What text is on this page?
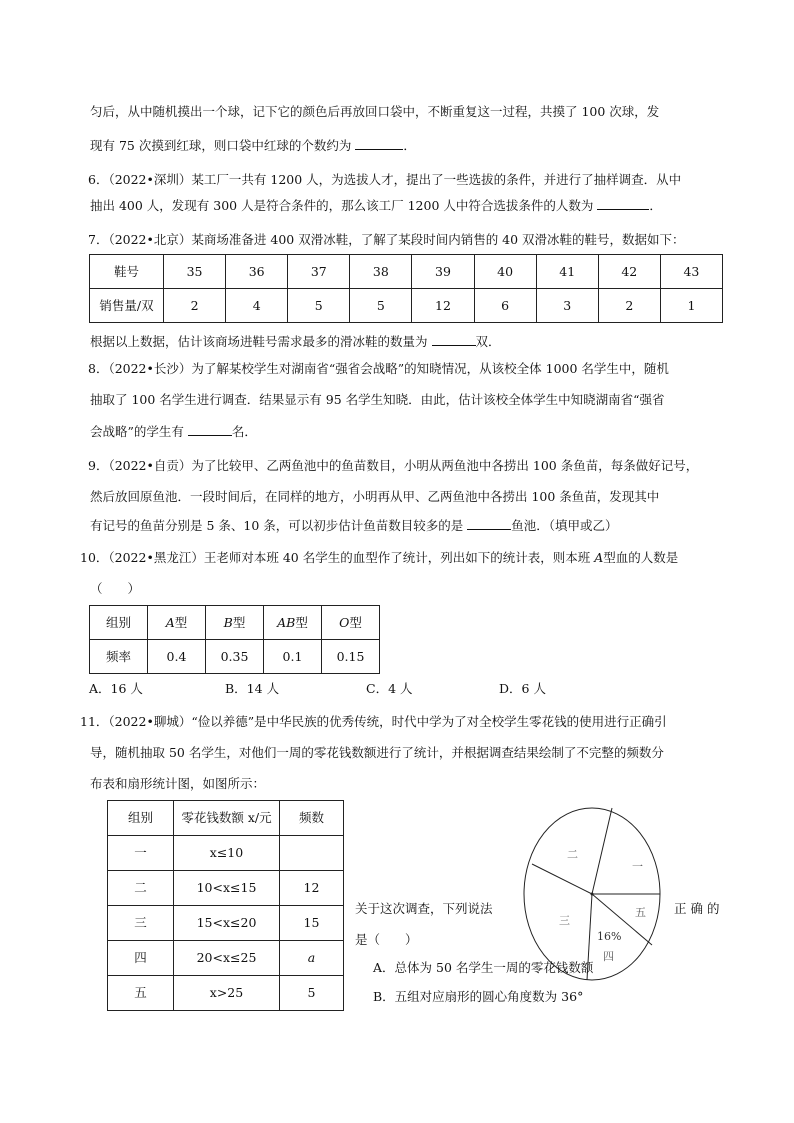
匀后，从中随机摸出一个球，记下它的颜色后再放回口袋中，不断重复这一过程，共摸了 100 次球，发
现有 75 次摸到红球，则口袋中红球的个数约为	．
6．（2022•深圳）某工厂一共有 1200 人，为选拔人才，提出了一些选拔的条件，并进行了抽样调查．从中
抽出 400 人，发现有 300 人是符合条件的，那么该工厂 1200 人中符合选拔条件的人数为	．
7．（2022•北京）某商场准备进 400 双滑冰鞋，了解了某段时间内销售的 40 双滑冰鞋的鞋号，数据如下：
鞋号	35	36	37	38	39	40	41	42	43
销售量/双	2	4	5	5	12	6	3	2	1
根据以上数据，估计该商场进鞋号需求最多的滑冰鞋的数量为	双．
8．（2022•长沙）为了解某校学生对湖南省“强省会战略”的知晓情况，从该校全体 1000 名学生中，随机
抽取了 100 名学生进行调查．结果显示有 95 名学生知晓．由此，估计该校全体学生中知晓湖南省“强省
会战略”的学生有	名．
9．（2022•自贡）为了比较甲、乙两鱼池中的鱼苗数目，小明从两鱼池中各捞出 100 条鱼苗，每条做好记号，
然后放回原鱼池．一段时间后，在同样的地方，小明再从甲、乙两鱼池中各捞出 100 条鱼苗，发现其中
有记号的鱼苗分别是 5 条、10 条，可以初步估计鱼苗数目较多的是	鱼池．（填甲或乙）
10．（2022•黑龙江）王老师对本班 40 名学生的血型作了统计，列出如下的统计表，则本班 A型血的人数是
（　　）
组别	A型	B型	AB型	O型
频率	0.4	0.35	0.1	0.15
A．16 人	B．14 人	C．4 人	D．6 人
11．（2022•聊城）“俭以养德”是中华民族的优秀传统，时代中学为了对全校学生零花钱的使用进行正确引
导，随机抽取 50 名学生，对他们一周的零花钱数额进行了统计，并根据调查结果绘制了不完整的频数分
布表和扇形统计图，如图所示：
组别	零花钱数额 x/元	频数
一	x≤10	
二	10<x≤15	12
三	15<x≤20	15
四	20<x≤25	a
五	x>25	5
一
二
三
16%
四
五
关于这次调查，下列说法	正 确 的
是（　　）
A．总体为 50 名学生一周的零花钱数额
B．五组对应扇形的圆心角度数为 36°
